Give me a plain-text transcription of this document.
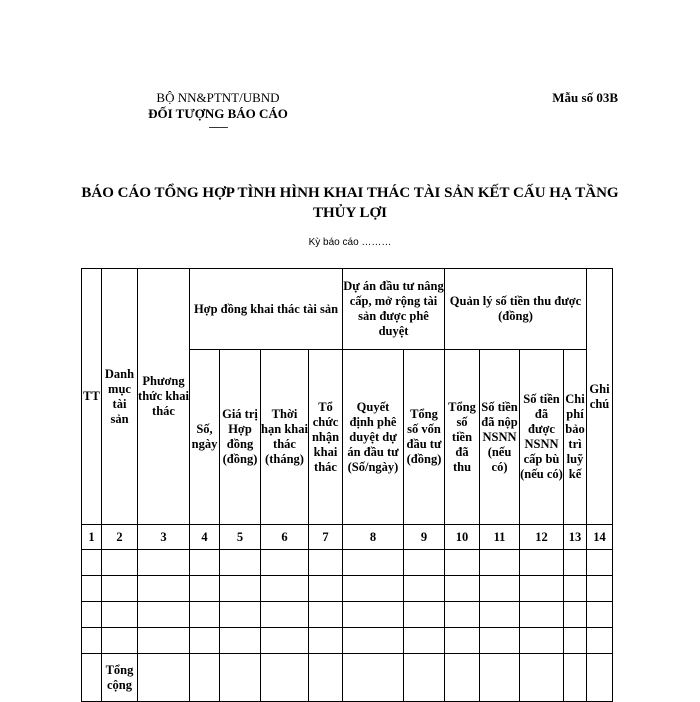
BỘ NN&PTNT/UBND
ĐỐI TƯỢNG BÁO CÁO
-------
Mẫu số 03B
BÁO CÁO TỔNG HỢP TÌNH HÌNH KHAI THÁC TÀI SẢN KẾT CẤU HẠ TẦNG THỦY LỢI
Kỳ báo cáo ………
TT	Danh mục tài sản	Phương thức khai thác	Hợp đồng khai thác tài sản				Dự án đầu tư nâng cấp, mở rộng tài sản được phê duyệt		Quản lý số tiền thu được (đồng)				Ghi chú
			Số, ngày	Giá trị Hợp đồng (đồng)	Thời hạn khai thác (tháng)	Tổ chức nhận khai thác	Quyết định phê duyệt dự án đầu tư (Số/ngày)	Tổng số vốn đầu tư (đồng)	Tổng số tiền đã thu	Số tiền đã nộp NSNN (nếu có)	Số tiền đã được NSNN cấp bù (nếu có)	Chi phí bảo trì luỹ kế	
1	2	3	4	5	6	7	8	9	10	11	12	13	14

	Tổng cộng												
